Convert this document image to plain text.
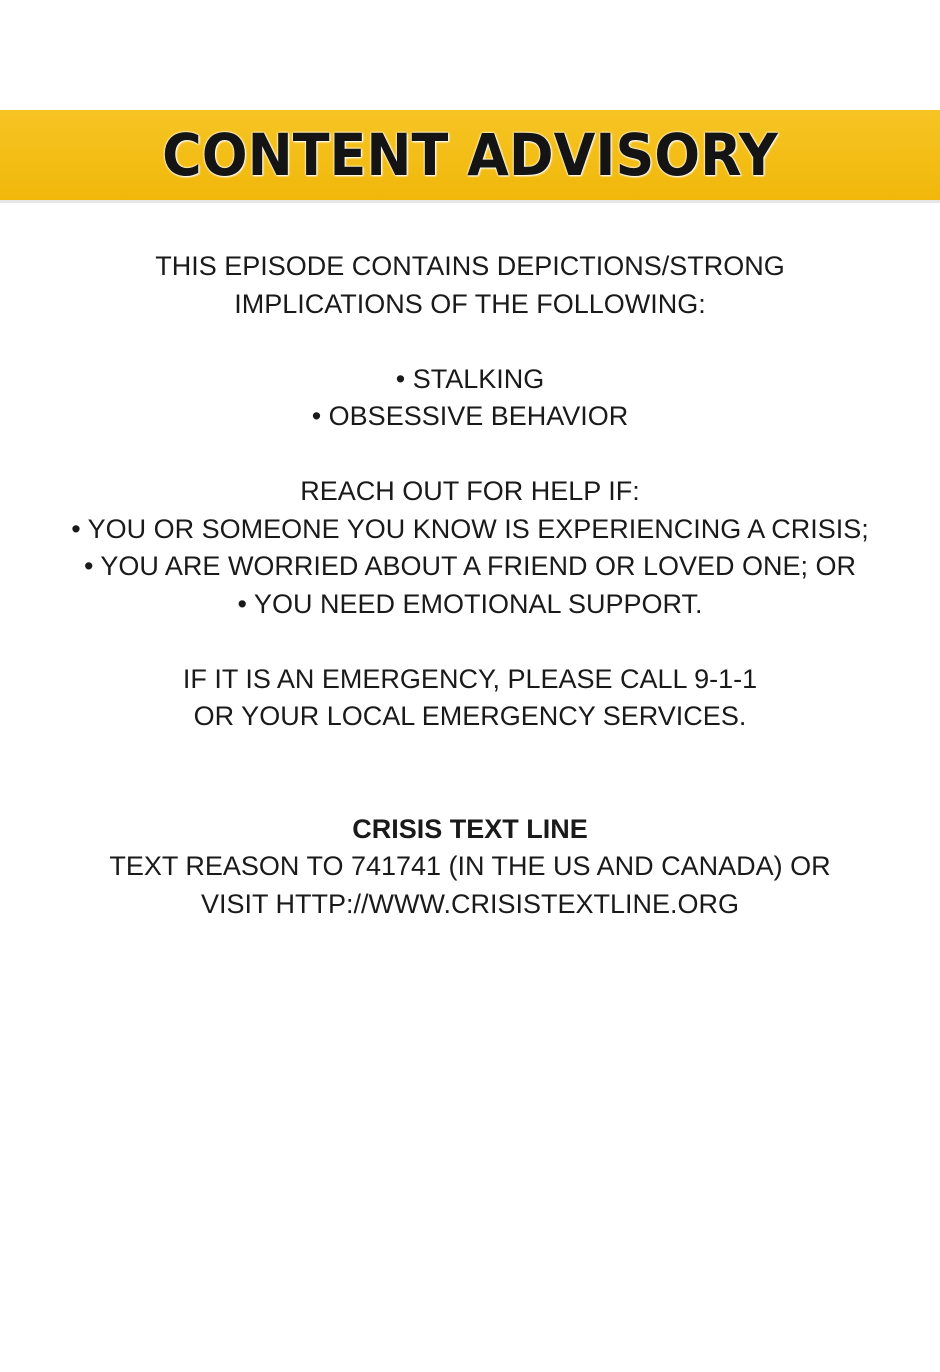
CONTENT ADVISORY
THIS EPISODE CONTAINS DEPICTIONS/STRONG
IMPLICATIONS OF THE FOLLOWING:
• STALKING
• OBSESSIVE BEHAVIOR
REACH OUT FOR HELP IF:
• YOU OR SOMEONE YOU KNOW IS EXPERIENCING A CRISIS;
• YOU ARE WORRIED ABOUT A FRIEND OR LOVED ONE; OR
• YOU NEED EMOTIONAL SUPPORT.
IF IT IS AN EMERGENCY, PLEASE CALL 9-1-1
OR YOUR LOCAL EMERGENCY SERVICES.
CRISIS TEXT LINE
TEXT REASON TO 741741 (IN THE US AND CANADA) OR
VISIT HTTP://WWW.CRISISTEXTLINE.ORG
